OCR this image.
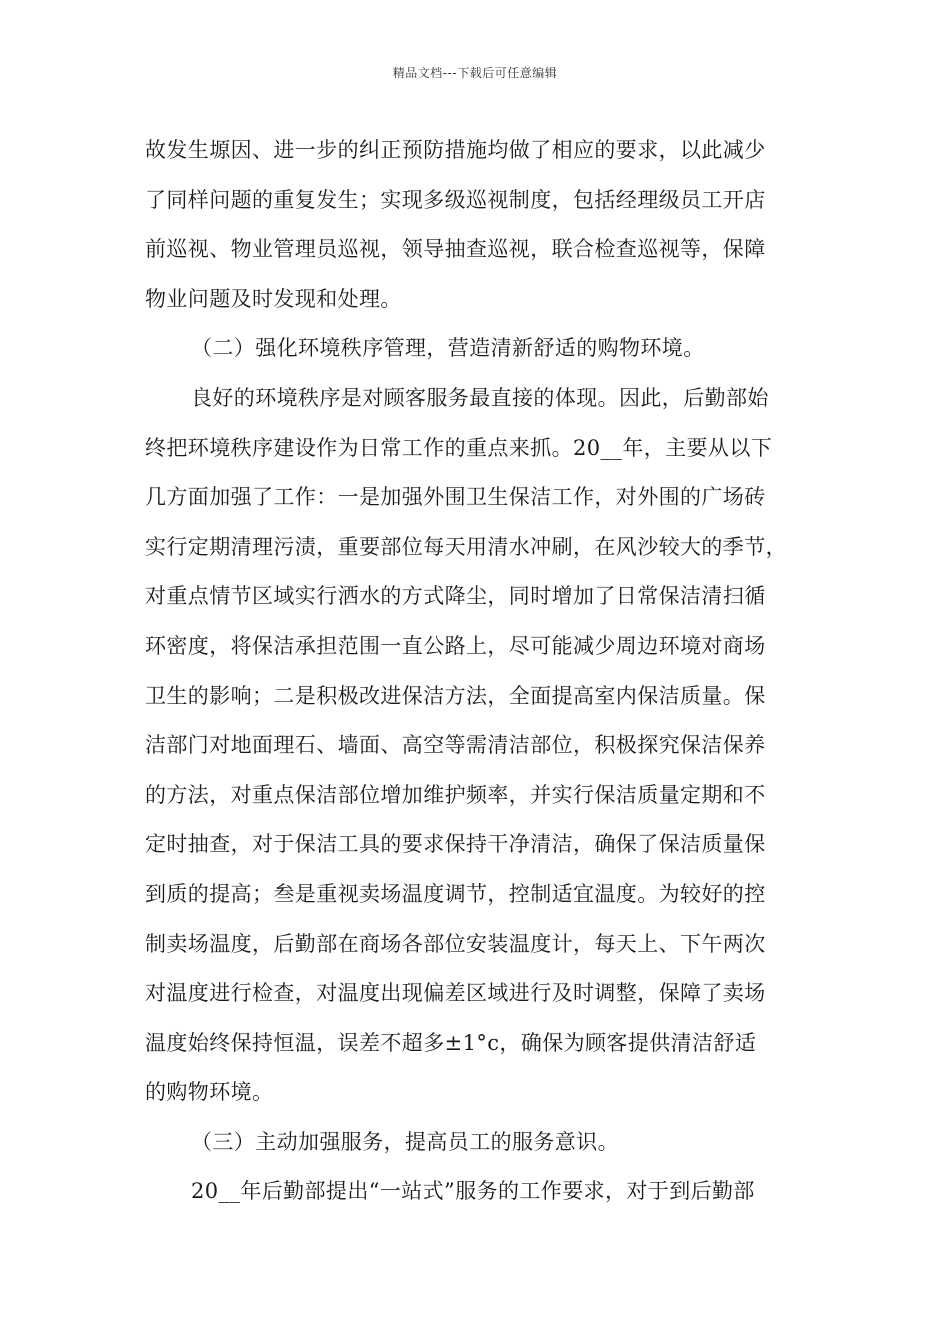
精品文档---下载后可任意编辑
故发生塬因、进一步的纠正预防措施均做了相应的要求，以此减少
了同样问题的重复发生；实现多级巡视制度，包括经理级员工开店
前巡视、物业管理员巡视，领导抽查巡视，联合检查巡视等，保障
物业问题及时发现和处理。
（二）强化环境秩序管理，营造清新舒适的购物环境。
良好的环境秩序是对顾客服务最直接的体现。因此，后勤部始
终把环境秩序建设作为日常工作的重点来抓。20__年，主要从以下
几方面加强了工作：一是加强外围卫生保洁工作，对外围的广场砖
实行定期清理污渍，重要部位每天用清水冲刷，在风沙较大的季节，
对重点情节区域实行洒水的方式降尘，同时增加了日常保洁清扫循
环密度，将保洁承担范围一直公路上，尽可能减少周边环境对商场
卫生的影响；二是积极改进保洁方法，全面提高室内保洁质量。保
洁部门对地面理石、墙面、高空等需清洁部位，积极探究保洁保养
的方法，对重点保洁部位增加维护频率，并实行保洁质量定期和不
定时抽查，对于保洁工具的要求保持干净清洁，确保了保洁质量保
到质的提高；叁是重视卖场温度调节，控制适宜温度。为较好的控
制卖场温度，后勤部在商场各部位安装温度计，每天上、下午两次
对温度进行检查，对温度出现偏差区域进行及时调整，保障了卖场
温度始终保持恒温，误差不超多±1°c，确保为顾客提供清洁舒适
的购物环境。
（三）主动加强服务，提高员工的服务意识。
20__年后勤部提出“一站式”服务的工作要求，对于到后勤部
